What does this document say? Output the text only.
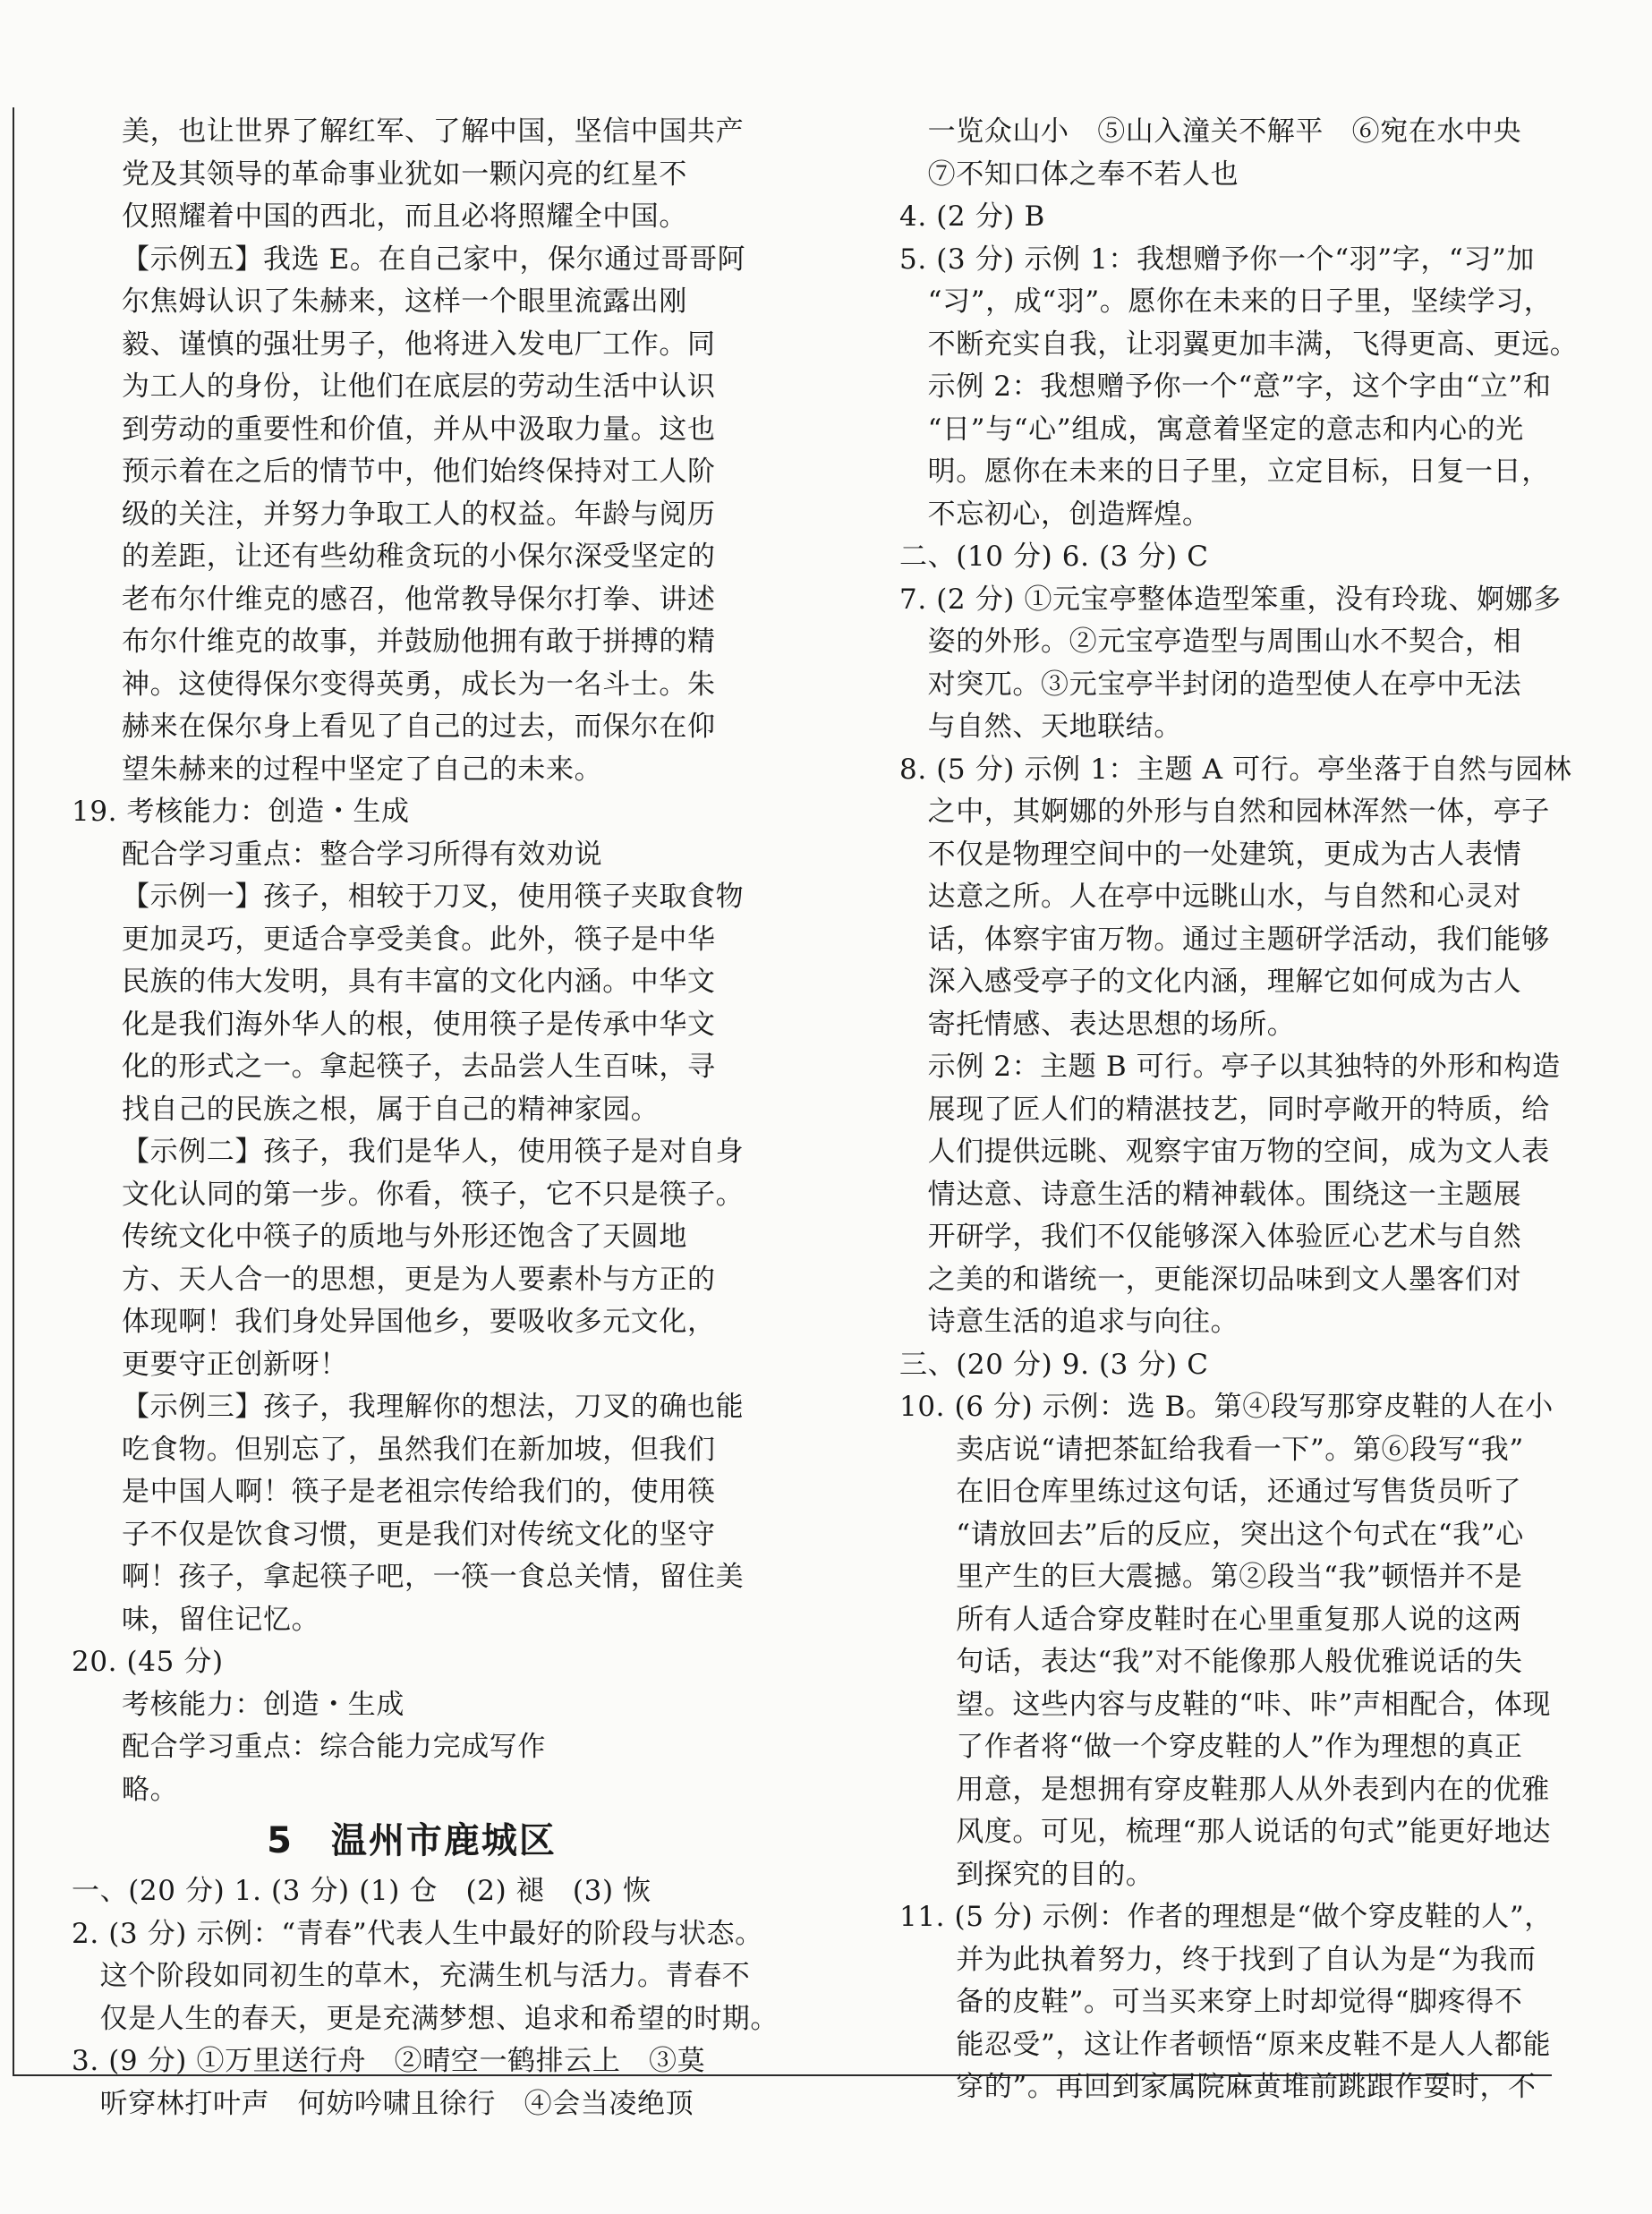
美，也让世界了解红军、了解中国，坚信中国共产
党及其领导的革命事业犹如一颗闪亮的红星不
仅照耀着中国的西北，而且必将照耀全中国。
【示例五】我选 E。在自己家中，保尔通过哥哥阿
尔焦姆认识了朱赫来，这样一个眼里流露出刚
毅、谨慎的强壮男子，他将进入发电厂工作。同
为工人的身份，让他们在底层的劳动生活中认识
到劳动的重要性和价值，并从中汲取力量。这也
预示着在之后的情节中，他们始终保持对工人阶
级的关注，并努力争取工人的权益。年龄与阅历
的差距，让还有些幼稚贪玩的小保尔深受坚定的
老布尔什维克的感召，他常教导保尔打拳、讲述
布尔什维克的故事，并鼓励他拥有敢于拼搏的精
神。这使得保尔变得英勇，成长为一名斗士。朱
赫来在保尔身上看见了自己的过去，而保尔在仰
望朱赫来的过程中坚定了自己的未来。
19. 考核能力：创造・生成
配合学习重点：整合学习所得有效劝说
【示例一】孩子，相较于刀叉，使用筷子夹取食物
更加灵巧，更适合享受美食。此外，筷子是中华
民族的伟大发明，具有丰富的文化内涵。中华文
化是我们海外华人的根，使用筷子是传承中华文
化的形式之一。拿起筷子，去品尝人生百味，寻
找自己的民族之根，属于自己的精神家园。
【示例二】孩子，我们是华人，使用筷子是对自身
文化认同的第一步。你看，筷子，它不只是筷子。
传统文化中筷子的质地与外形还饱含了天圆地
方、天人合一的思想，更是为人要素朴与方正的
体现啊！我们身处异国他乡，要吸收多元文化，
更要守正创新呀！
【示例三】孩子，我理解你的想法，刀叉的确也能
吃食物。但别忘了，虽然我们在新加坡，但我们
是中国人啊！筷子是老祖宗传给我们的，使用筷
子不仅是饮食习惯，更是我们对传统文化的坚守
啊！孩子，拿起筷子吧，一筷一食总关情，留住美
味，留住记忆。
20. (45 分)
考核能力：创造・生成
配合学习重点：综合能力完成写作
略。
5　温州市鹿城区
一、(20 分) 1. (3 分) (1) 仓　(2) 褪　(3) 恢
2. (3 分) 示例：“青春”代表人生中最好的阶段与状态。
　这个阶段如同初生的草木，充满生机与活力。青春不
　仅是人生的春天，更是充满梦想、追求和希望的时期。
3. (9 分) ①万里送行舟　②晴空一鹤排云上　③莫
　听穿林打叶声　何妨吟啸且徐行　④会当凌绝顶
　一览众山小　⑤山入潼关不解平　⑥宛在水中央
　⑦不知口体之奉不若人也
4. (2 分) B
5. (3 分) 示例 1：我想赠予你一个“羽”字，“习”加
　“习”，成“羽”。愿你在未来的日子里，坚续学习，
　不断充实自我，让羽翼更加丰满，飞得更高、更远。
　示例 2：我想赠予你一个“意”字，这个字由“立”和
　“日”与“心”组成，寓意着坚定的意志和内心的光
　明。愿你在未来的日子里，立定目标，日复一日，
　不忘初心，创造辉煌。
二、(10 分) 6. (3 分) C
7. (2 分) ①元宝亭整体造型笨重，没有玲珑、婀娜多
　姿的外形。②元宝亭造型与周围山水不契合，相
　对突兀。③元宝亭半封闭的造型使人在亭中无法
　与自然、天地联结。
8. (5 分) 示例 1：主题 A 可行。亭坐落于自然与园林
　之中，其婀娜的外形与自然和园林浑然一体，亭子
　不仅是物理空间中的一处建筑，更成为古人表情
　达意之所。人在亭中远眺山水，与自然和心灵对
　话，体察宇宙万物。通过主题研学活动，我们能够
　深入感受亭子的文化内涵，理解它如何成为古人
　寄托情感、表达思想的场所。
　示例 2：主题 B 可行。亭子以其独特的外形和构造
　展现了匠人们的精湛技艺，同时亭敞开的特质，给
　人们提供远眺、观察宇宙万物的空间，成为文人表
　情达意、诗意生活的精神载体。围绕这一主题展
　开研学，我们不仅能够深入体验匠心艺术与自然
　之美的和谐统一，更能深切品味到文人墨客们对
　诗意生活的追求与向往。
三、(20 分) 9. (3 分) C
10. (6 分) 示例：选 B。第④段写那穿皮鞋的人在小
　　卖店说“请把茶缸给我看一下”。第⑥段写“我”
　　在旧仓库里练过这句话，还通过写售货员听了
　　“请放回去”后的反应，突出这个句式在“我”心
　　里产生的巨大震撼。第②段当“我”顿悟并不是
　　所有人适合穿皮鞋时在心里重复那人说的这两
　　句话，表达“我”对不能像那人般优雅说话的失
　　望。这些内容与皮鞋的“咔、咔”声相配合，体现
　　了作者将“做一个穿皮鞋的人”作为理想的真正
　　用意，是想拥有穿皮鞋那人从外表到内在的优雅
　　风度。可见，梳理“那人说话的句式”能更好地达
　　到探究的目的。
11. (5 分) 示例：作者的理想是“做个穿皮鞋的人”，
　　并为此执着努力，终于找到了自认为是“为我而
　　备的皮鞋”。可当买来穿上时却觉得“脚疼得不
　　能忍受”，这让作者顿悟“原来皮鞋不是人人都能
　　穿的”。再回到家属院麻黄堆前跳跟作耍时，不
